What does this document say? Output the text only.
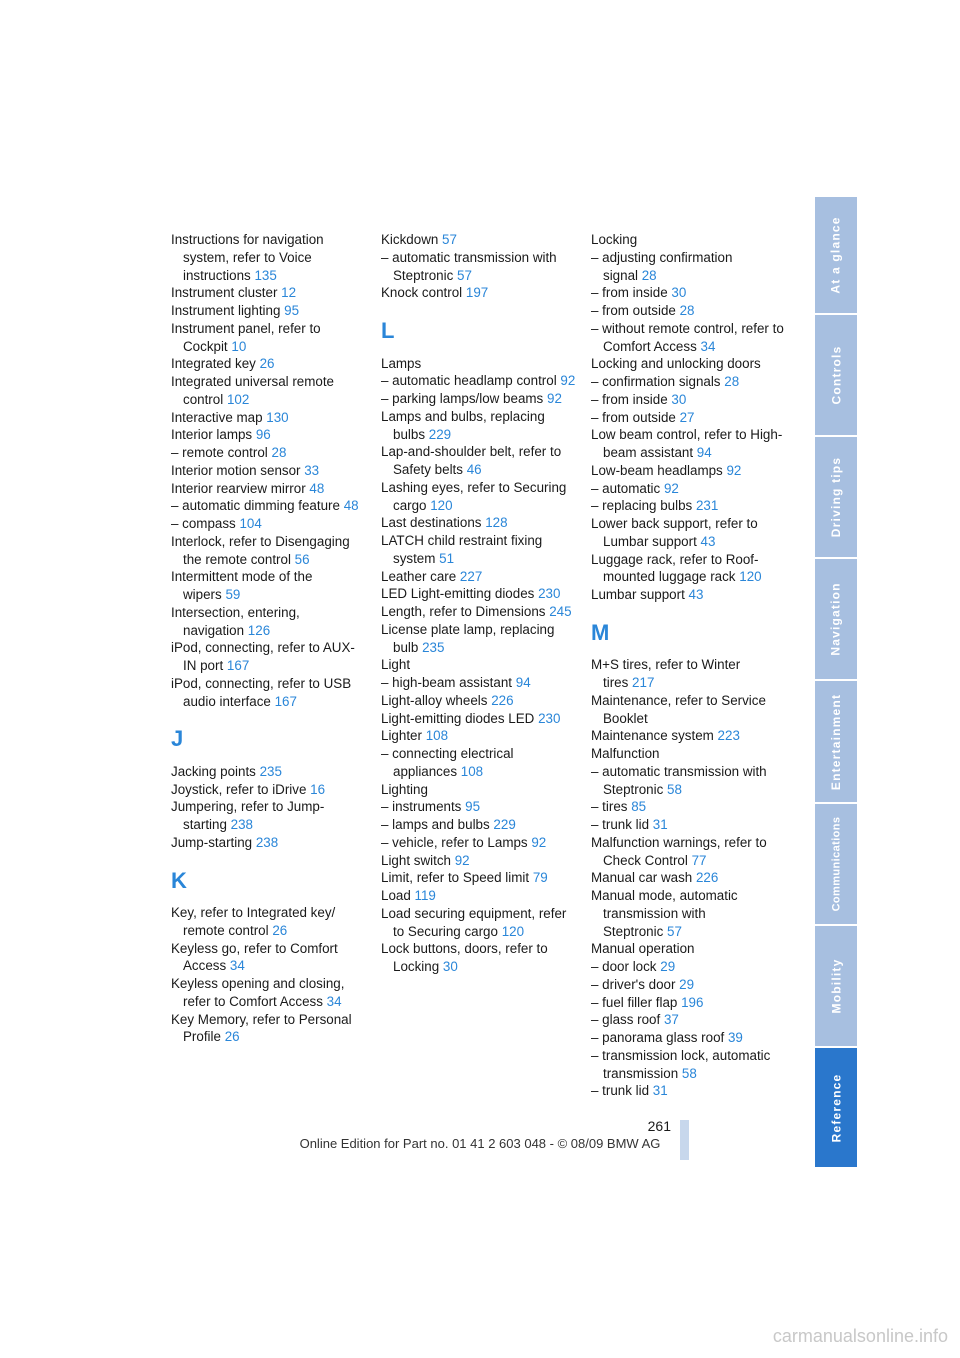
Instructions for navigation system, refer to Voice instructions 135
Instrument cluster 12
Instrument lighting 95
Instrument panel, refer to Cockpit 10
Integrated key 26
Integrated universal remote control 102
Interactive map 130
Interior lamps 96
– remote control 28
Interior motion sensor 33
Interior rearview mirror 48
– automatic dimming feature 48
– compass 104
Interlock, refer to Disengaging the remote control 56
Intermittent mode of the wipers 59
Intersection, entering, navigation 126
iPod, connecting, refer to AUX-IN port 167
iPod, connecting, refer to USB audio interface 167
J
Jacking points 235
Joystick, refer to iDrive 16
Jumpering, refer to Jump-starting 238
Jump-starting 238
K
Key, refer to Integrated key/ remote control 26
Keyless go, refer to Comfort Access 34
Keyless opening and closing, refer to Comfort Access 34
Key Memory, refer to Personal Profile 26
Kickdown 57
– automatic transmission with Steptronic 57
Knock control 197
L
Lamps
– automatic headlamp control 92
– parking lamps/low beams 92
Lamps and bulbs, replacing bulbs 229
Lap-and-shoulder belt, refer to Safety belts 46
Lashing eyes, refer to Securing cargo 120
Last destinations 128
LATCH child restraint fixing system 51
Leather care 227
LED Light-emitting diodes 230
Length, refer to Dimensions 245
License plate lamp, replacing bulb 235
Light
– high-beam assistant 94
Light-alloy wheels 226
Light-emitting diodes LED 230
Lighter 108
– connecting electrical appliances 108
Lighting
– instruments 95
– lamps and bulbs 229
– vehicle, refer to Lamps 92
Light switch 92
Limit, refer to Speed limit 79
Load 119
Load securing equipment, refer to Securing cargo 120
Lock buttons, doors, refer to Locking 30
Locking
– adjusting confirmation signal 28
– from inside 30
– from outside 28
– without remote control, refer to Comfort Access 34
Locking and unlocking doors
– confirmation signals 28
– from inside 30
– from outside 27
Low beam control, refer to High-beam assistant 94
Low-beam headlamps 92
– automatic 92
– replacing bulbs 231
Lower back support, refer to Lumbar support 43
Luggage rack, refer to Roof-mounted luggage rack 120
Lumbar support 43
M
M+S tires, refer to Winter tires 217
Maintenance, refer to Service Booklet
Maintenance system 223
Malfunction
– automatic transmission with Steptronic 58
– tires 85
– trunk lid 31
Malfunction warnings, refer to Check Control 77
Manual car wash 226
Manual mode, automatic transmission with Steptronic 57
Manual operation
– door lock 29
– driver's door 29
– fuel filler flap 196
– glass roof 37
– panorama glass roof 39
– transmission lock, automatic transmission 58
– trunk lid 31
At a glance
Controls
Driving tips
Navigation
Entertainment
Communications
Mobility
Reference
261
Online Edition for Part no. 01 41 2 603 048 - © 08/09 BMW AG
carmanualsonline.info
